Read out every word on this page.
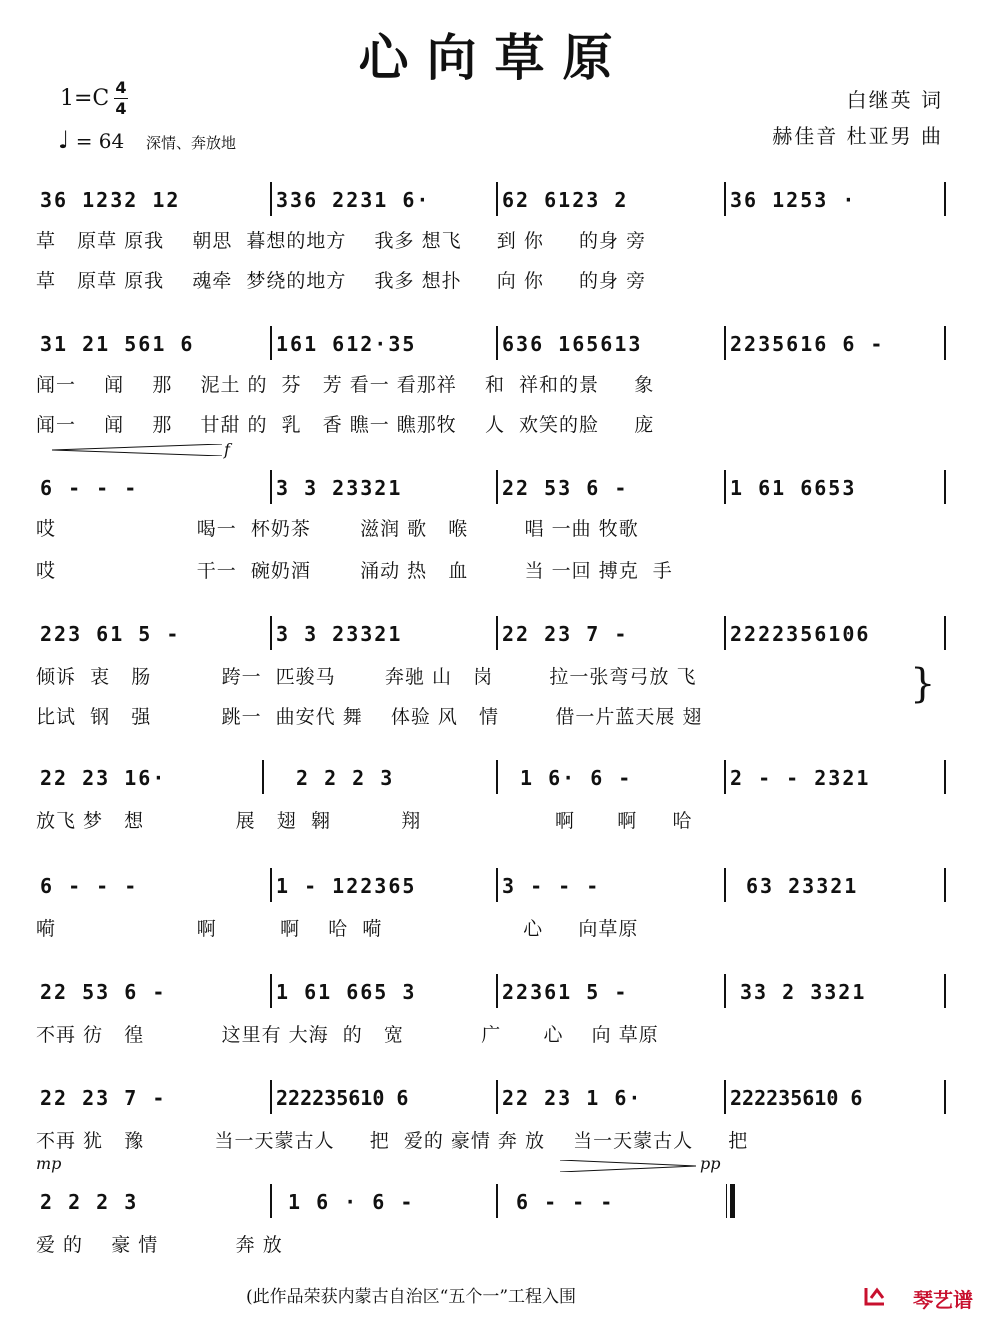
心向草原
1=C 4
4
♩ = 64 深情、奔放地
白继英 词
赫佳音 杜亚男 曲
36 1232 12	336 2231 6·	62 6123 2	36 1253 ·
草   原草 原我    朝思  暮想的地方    我多 想飞     到 你     的身 旁
草   原草 原我    魂牵  梦绕的地方    我多 想扑     向 你     的身 旁
31 21 561 6	161 612·35	636 165613	2235616 6 -
闻一    闻    那    泥土 的  芬   芳 看一 看那祥    和  祥和的景     象
闻一    闻    那    甘甜 的  乳   香 瞧一 瞧那牧    人  欢笑的脸     庞
f
6 - - -	3 3 23321	22 53 6 -	1 61 6653
哎                    喝一  杯奶茶       滋润 歌   喉        唱 一曲 牧歌
哎                    干一  碗奶酒       涌动 热   血        当 一回 搏克  手
223 61 5 -	3 3 23321	22 23 7 -	2222356106
倾诉  衷   肠          跨一  匹骏马       奔驰 山   岗        拉一张弯弓放 飞
比试  钢   强          跳一  曲安代 舞    体验 风   情        借一片蓝天展 翅
}
22 23 16·	2 2 2 3	1 6· 6 -	2 - - 2321
放飞 梦   想             展   翅  翱          翔                   啊      啊     哈
6 - - -	1 - 122365	3 - - -	63 23321
嗬                    啊         啊    哈  嗬                    心     向草原
22 53 6 -	1 61 665 3	22361 5 -	33 2 3321
不再 彷   徨           这里有 大海  的   宽           广      心    向 草原
22 23 7 -	222235610 6	22 23 1 6·	222235610 6
不再 犹   豫          当一天蒙古人     把  爱的 豪情 奔 放    当一天蒙古人     把
mp	pp
2 2 2 3	1 6 · 6 -	6 - - -
爱 的    豪 情           奔 放
(此作品荣获内蒙古自治区“五个一”工程入围	琴艺谱
